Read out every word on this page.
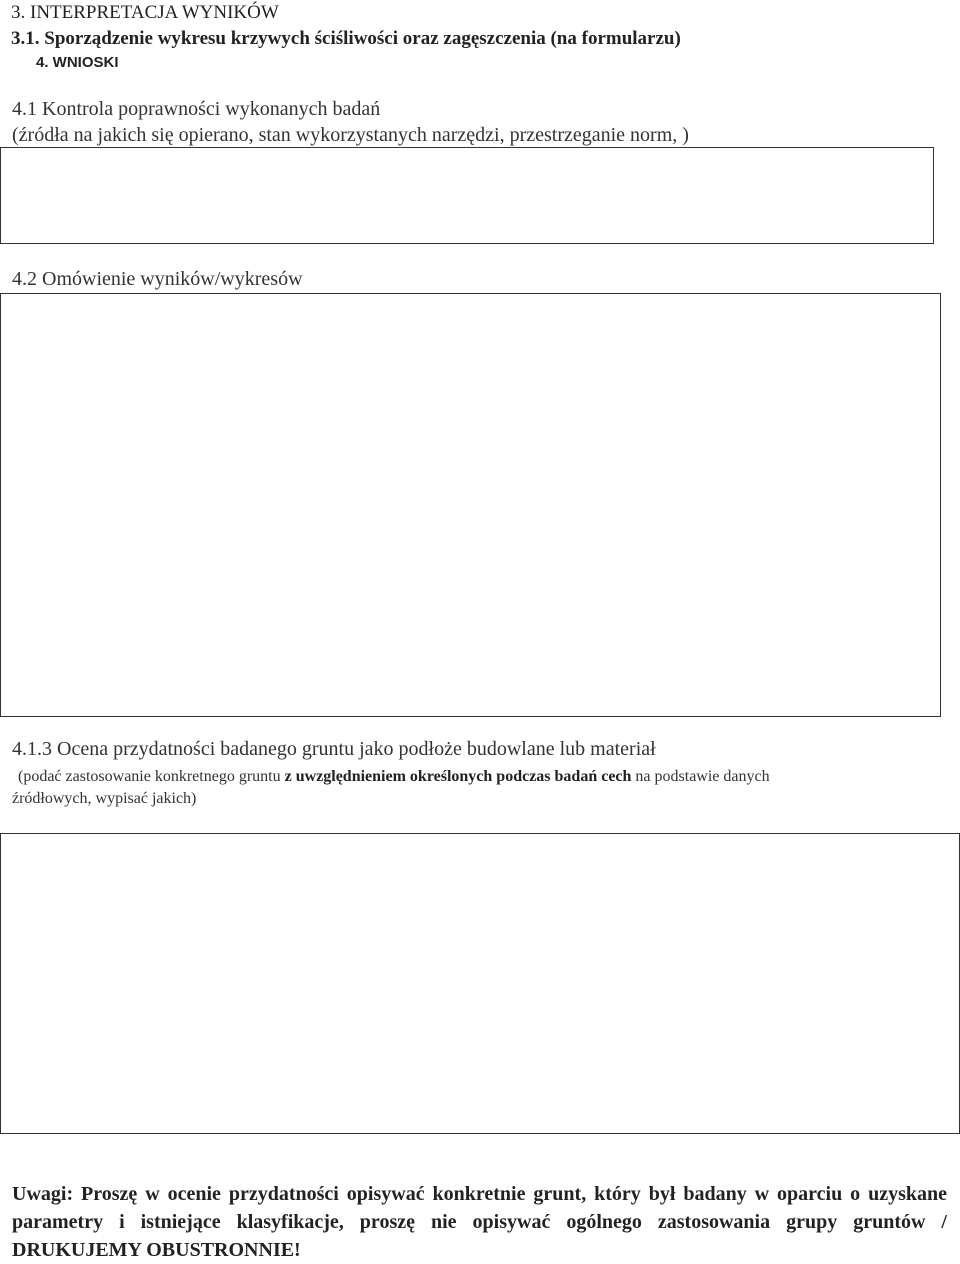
3. INTERPRETACJA WYNIKÓW
3.1. Sporządzenie wykresu krzywych ściśliwości oraz zagęszczenia (na formularzu)
4. WNIOSKI
4.1 Kontrola poprawności wykonanych badań
(źródła na jakich się opierano, stan wykorzystanych narzędzi, przestrzeganie norm, )
4.2 Omówienie wyników/wykresów
4.1.3 Ocena przydatności badanego gruntu jako podłoże budowlane lub materiał
(podać zastosowanie konkretnego gruntu z uwzględnieniem określonych podczas badań cech na podstawie danych
źródłowych, wypisać jakich)
Uwagi: Proszę w ocenie przydatności opisywać konkretnie grunt, który był badany w oparciu o uzyskane parametry i istniejące klasyfikacje, proszę nie opisywać ogólnego zastosowania grupy gruntów / DRUKUJEMY OBUSTRONNIE!
